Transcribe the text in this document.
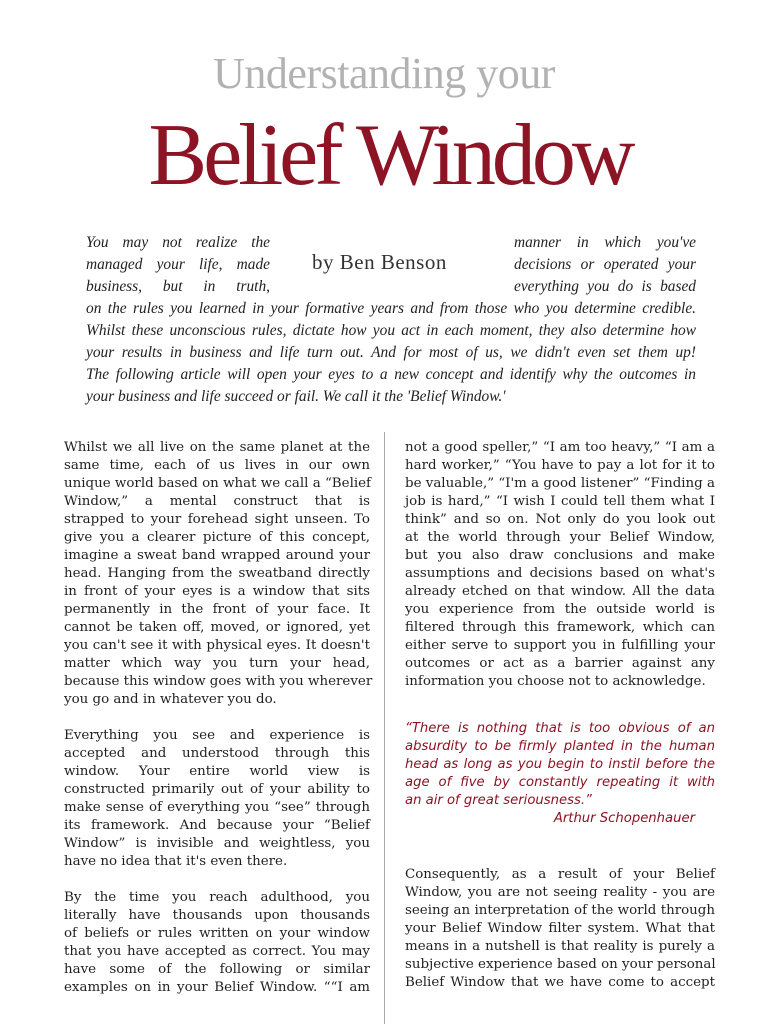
Understanding your
Belief Window
You may not realize the	manner in which you've
managed your life, made	decisions or operated your
business, but in truth,	everything you do is based
on the rules you learned in your formative years and from those who you determine credible.
Whilst these unconscious rules, dictate how you act in each moment, they also determine how
your results in business and life turn out. And for most of us, we didn't even set them up!
The following article will open your eyes to a new concept and identify why the outcomes in
your business and life succeed or fail. We call it the 'Belief Window.'
by Ben Benson
Whilst we all live on the same planet at the
same time, each of us lives in our own
unique world based on what we call a “Belief
Window,” a mental construct that is
strapped to your forehead sight unseen. To
give you a clearer picture of this concept,
imagine a sweat band wrapped around your
head. Hanging from the sweatband directly
in front of your eyes is a window that sits
permanently in the front of your face. It
cannot be taken off, moved, or ignored, yet
you can't see it with physical eyes. It doesn't
matter which way you turn your head,
because this window goes with you wherever
you go and in whatever you do.
Everything you see and experience is
accepted and understood through this
window. Your entire world view is
constructed primarily out of your ability to
make sense of everything you “see” through
its framework. And because your “Belief
Window” is invisible and weightless, you
have no idea that it's even there.
By the time you reach adulthood, you
literally have thousands upon thousands
of beliefs or rules written on your window
that you have accepted as correct. You may
have some of the following or similar
examples on in your Belief Window. ““I am
not a good speller,” “I am too heavy,” “I am a
hard worker,” “You have to pay a lot for it to
be valuable,” “I'm a good listener” “Finding a
job is hard,” “I wish I could tell them what I
think” and so on. Not only do you look out
at the world through your Belief Window,
but you also draw conclusions and make
assumptions and decisions based on what's
already etched on that window. All the data
you experience from the outside world is
filtered through this framework, which can
either serve to support you in fulfilling your
outcomes or act as a barrier against any
information you choose not to acknowledge.
“There is nothing that is too obvious of an
absurdity to be firmly planted in the human
head as long as you begin to instil before the
age of five by constantly repeating it with
an air of great seriousness.”
Arthur Schopenhauer
Consequently, as a result of your Belief
Window, you are not seeing reality - you are
seeing an interpretation of the world through
your Belief Window filter system. What that
means in a nutshell is that reality is purely a
subjective experience based on your personal
Belief Window that we have come to accept
